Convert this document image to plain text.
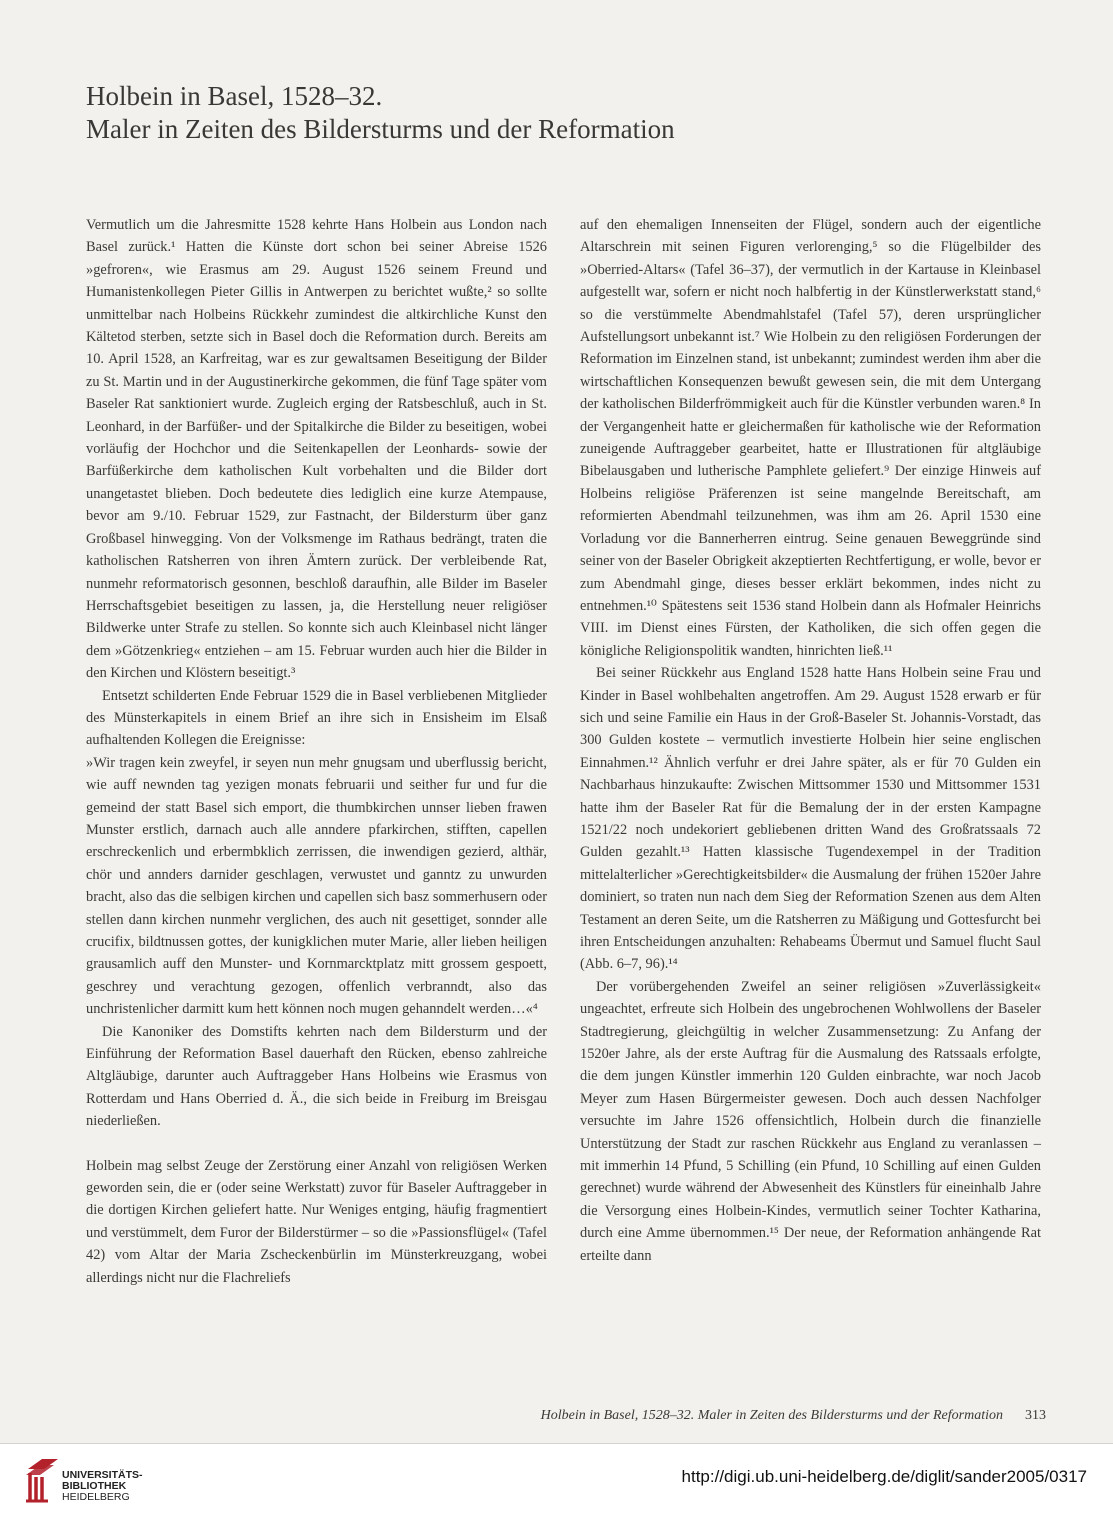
Holbein in Basel, 1528–32.
Maler in Zeiten des Bildersturms und der Reformation

Vermutlich um die Jahresmitte 1528 kehrte Hans Holbein aus London nach Basel zurück.¹ Hatten die Künste dort schon bei seiner Abreise 1526 »gefroren«, wie Erasmus am 29. August 1526 seinem Freund und Humanistenkollegen Pieter Gillis in Antwerpen zu berichtet wußte,² so sollte unmittelbar nach Holbeins Rückkehr zumindest die altkirchliche Kunst den Kältetod sterben, setzte sich in Basel doch die Reformation durch. Bereits am 10. April 1528, an Karfreitag, war es zur gewaltsamen Beseitigung der Bilder zu St. Martin und in der Augustinerkirche gekommen, die fünf Tage später vom Baseler Rat sanktioniert wurde. Zugleich erging der Ratsbeschluß, auch in St. Leonhard, in der Barfüßer- und der Spitalkirche die Bilder zu beseitigen, wobei vorläufig der Hochchor und die Seitenkapellen der Leonhards- sowie der Barfüßerkirche dem katholischen Kult vorbehalten und die Bilder dort unangetastet blieben. Doch bedeutete dies lediglich eine kurze Atempause, bevor am 9./10. Februar 1529, zur Fastnacht, der Bildersturm über ganz Großbasel hinwegging. Von der Volksmenge im Rathaus bedrängt, traten die katholischen Ratsherren von ihren Ämtern zurück. Der verbleibende Rat, nunmehr reformatorisch gesonnen, beschloß daraufhin, alle Bilder im Baseler Herrschaftsgebiet beseitigen zu lassen, ja, die Herstellung neuer religiöser Bildwerke unter Strafe zu stellen. So konnte sich auch Kleinbasel nicht länger dem »Götzenkrieg« entziehen – am 15. Februar wurden auch hier die Bilder in den Kirchen und Klöstern beseitigt.³

Entsetzt schilderten Ende Februar 1529 die in Basel verbliebenen Mitglieder des Münsterkapitels in einem Brief an ihre sich in Ensisheim im Elsaß aufhaltenden Kollegen die Ereignisse:

»Wir tragen kein zweyfel, ir seyen nun mehr gnugsam und uberflussig bericht, wie auff newnden tag yezigen monats februarii und seither fur und fur die gemeind der statt Basel sich emport, die thumbkirchen unnser lieben frawen Munster erstlich, darnach auch alle anndere pfarkirchen, stifften, capellen erschreckenlich und erbermbklich zerrissen, die inwendigen gezierd, althär, chör und annders darnider geschlagen, verwustet und ganntz zu unwurden bracht, also das die selbigen kirchen und capellen sich basz sommerhusern oder stellen dann kirchen nunmehr verglichen, des auch nit gesettiget, sonnder alle crucifix, bildtnussen gottes, der kunigklichen muter Marie, aller lieben heiligen grausamlich auff den Munster- und Kornmarcktplatz mitt grossem gespoett, geschrey und verachtung gezogen, offenlich verbranndt, also das unchristenlicher darmitt kum hett können noch mugen gehanndelt werden…«⁴

Die Kanoniker des Domstifts kehrten nach dem Bildersturm und der Einführung der Reformation Basel dauerhaft den Rücken, ebenso zahlreiche Altgläubige, darunter auch Auftraggeber Hans Holbeins wie Erasmus von Rotterdam und Hans Oberried d. Ä., die sich beide in Freiburg im Breisgau niederließen.

Holbein mag selbst Zeuge der Zerstörung einer Anzahl von religiösen Werken geworden sein, die er (oder seine Werkstatt) zuvor für Baseler Auftraggeber in die dortigen Kirchen geliefert hatte. Nur Weniges entging, häufig fragmentiert und verstümmelt, dem Furor der Bilderstürmer – so die »Passionsflügel« (Tafel 42) vom Altar der Maria Zscheckenbürlin im Münsterkreuzgang, wobei allerdings nicht nur die Flachreliefs

auf den ehemaligen Innenseiten der Flügel, sondern auch der eigentliche Altarschrein mit seinen Figuren verlorenging,⁵ so die Flügelbilder des »Oberried-Altars« (Tafel 36–37), der vermutlich in der Kartause in Kleinbasel aufgestellt war, sofern er nicht noch halbfertig in der Künstlerwerkstatt stand,⁶ so die verstümmelte Abendmahlstafel (Tafel 57), deren ursprünglicher Aufstellungsort unbekannt ist.⁷ Wie Holbein zu den religiösen Forderungen der Reformation im Einzelnen stand, ist unbekannt; zumindest werden ihm aber die wirtschaftlichen Konsequenzen bewußt gewesen sein, die mit dem Untergang der katholischen Bilderfrömmigkeit auch für die Künstler verbunden waren.⁸ In der Vergangenheit hatte er gleichermaßen für katholische wie der Reformation zuneigende Auftraggeber gearbeitet, hatte er Illustrationen für altgläubige Bibelausgaben und lutherische Pamphlete geliefert.⁹ Der einzige Hinweis auf Holbeins religiöse Präferenzen ist seine mangelnde Bereitschaft, am reformierten Abendmahl teilzunehmen, was ihm am 26. April 1530 eine Vorladung vor die Bannerherren eintrug. Seine genauen Beweggründe sind seiner von der Baseler Obrigkeit akzeptierten Rechtfertigung, er wolle, bevor er zum Abendmahl ginge, dieses besser erklärt bekommen, indes nicht zu entnehmen.¹⁰ Spätestens seit 1536 stand Holbein dann als Hofmaler Heinrichs VIII. im Dienst eines Fürsten, der Katholiken, die sich offen gegen die königliche Religionspolitik wandten, hinrichten ließ.¹¹

Bei seiner Rückkehr aus England 1528 hatte Hans Holbein seine Frau und Kinder in Basel wohlbehalten angetroffen. Am 29. August 1528 erwarb er für sich und seine Familie ein Haus in der Groß-Baseler St. Johannis-Vorstadt, das 300 Gulden kostete – vermutlich investierte Holbein hier seine englischen Einnahmen.¹² Ähnlich verfuhr er drei Jahre später, als er für 70 Gulden ein Nachbarhaus hinzukaufte: Zwischen Mittsommer 1530 und Mittsommer 1531 hatte ihm der Baseler Rat für die Bemalung der in der ersten Kampagne 1521/22 noch undekoriert gebliebenen dritten Wand des Großratssaals 72 Gulden gezahlt.¹³ Hatten klassische Tugendexempel in der Tradition mittelalterlicher »Gerechtigkeitsbilder« die Ausmalung der frühen 1520er Jahre dominiert, so traten nun nach dem Sieg der Reformation Szenen aus dem Alten Testament an deren Seite, um die Ratsherren zu Mäßigung und Gottesfurcht bei ihren Entscheidungen anzuhalten: Rehabeams Übermut und Samuel flucht Saul (Abb. 6–7, 96).¹⁴

Der vorübergehenden Zweifel an seiner religiösen »Zuverlässigkeit« ungeachtet, erfreute sich Holbein des ungebrochenen Wohlwollens der Baseler Stadtregierung, gleichgültig in welcher Zusammensetzung: Zu Anfang der 1520er Jahre, als der erste Auftrag für die Ausmalung des Ratssaals erfolgte, die dem jungen Künstler immerhin 120 Gulden einbrachte, war noch Jacob Meyer zum Hasen Bürgermeister gewesen. Doch auch dessen Nachfolger versuchte im Jahre 1526 offensichtlich, Holbein durch die finanzielle Unterstützung der Stadt zur raschen Rückkehr aus England zu veranlassen – mit immerhin 14 Pfund, 5 Schilling (ein Pfund, 10 Schilling auf einen Gulden gerechnet) wurde während der Abwesenheit des Künstlers für eineinhalb Jahre die Versorgung eines Holbein-Kindes, vermutlich seiner Tochter Katharina, durch eine Amme übernommen.¹⁵ Der neue, der Reformation anhängende Rat erteilte dann

Holbein in Basel, 1528–32. Maler in Zeiten des Bildersturms und der Reformation 313
UNIVERSITÄTS-
BIBLIOTHEK
HEIDELBERG
http://digi.ub.uni-heidelberg.de/diglit/sander2005/0317
